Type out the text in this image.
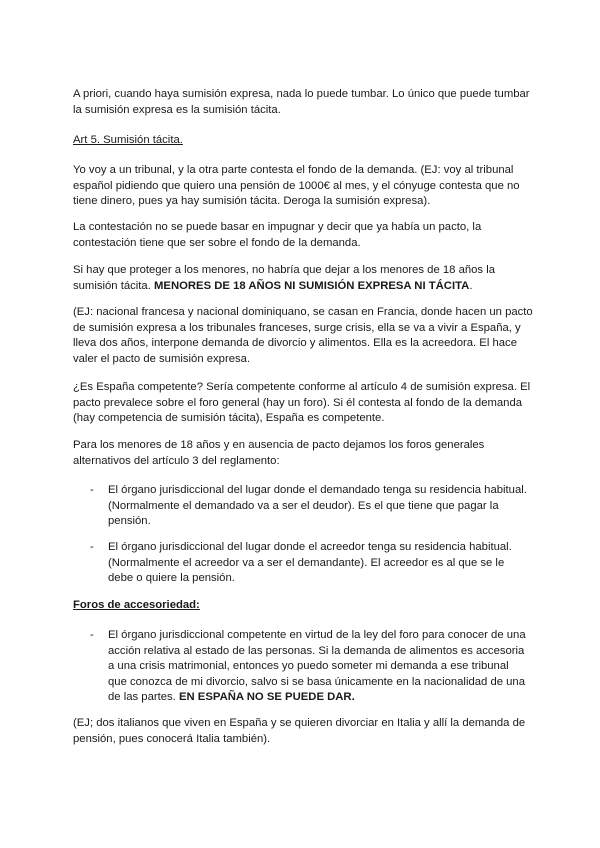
A priori, cuando haya sumisión expresa, nada lo puede tumbar. Lo único que puede tumbar la sumisión expresa es la sumisión tácita.

Art 5. Sumisión tácita.

Yo voy a un tribunal, y la otra parte contesta el fondo de la demanda. (EJ: voy al tribunal español pidiendo que quiero una pensión de 1000€ al mes, y el cónyuge contesta que no tiene dinero, pues ya hay sumisión tácita. Deroga la sumisión expresa).

La contestación no se puede basar en impugnar y decir que ya había un pacto, la contestación tiene que ser sobre el fondo de la demanda.

Si hay que proteger a los menores, no habría que dejar a los menores de 18 años la sumisión tácita. MENORES DE 18 AÑOS NI SUMISIÓN EXPRESA NI TÁCITA.

(EJ: nacional francesa y nacional dominiquano, se casan en Francia, donde hacen un pacto de sumisión expresa a los tribunales franceses, surge crisis, ella se va a vivir a España, y lleva dos años, interpone demanda de divorcio y alimentos. Ella es la acreedora. El hace valer el pacto de sumisión expresa.

¿Es España competente? Sería competente conforme al artículo 4 de sumisión expresa. El pacto prevalece sobre el foro general (hay un foro). Si él contesta al fondo de la demanda (hay competencia de sumisión tácita), España es competente.

Para los menores de 18 años y en ausencia de pacto dejamos los foros generales alternativos del artículo 3 del reglamento:

- El órgano jurisdiccional del lugar donde el demandado tenga su residencia habitual. (Normalmente el demandado va a ser el deudor). Es el que tiene que pagar la pensión.

- El órgano jurisdiccional del lugar donde el acreedor tenga su residencia habitual. (Normalmente el acreedor va a ser el demandante). El acreedor es al que se le debe o quiere la pensión.

Foros de accesoriedad:

- El órgano jurisdiccional competente en virtud de la ley del foro para conocer de una acción relativa al estado de las personas. Si la demanda de alimentos es accesoria a una crisis matrimonial, entonces yo puedo someter mi demanda a ese tribunal que conozca de mi divorcio, salvo si se basa únicamente en la nacionalidad de una de las partes. EN ESPAÑA NO SE PUEDE DAR.

(EJ; dos italianos que viven en España y se quieren divorciar en Italia y allí la demanda de pensión, pues conocerá Italia también).
